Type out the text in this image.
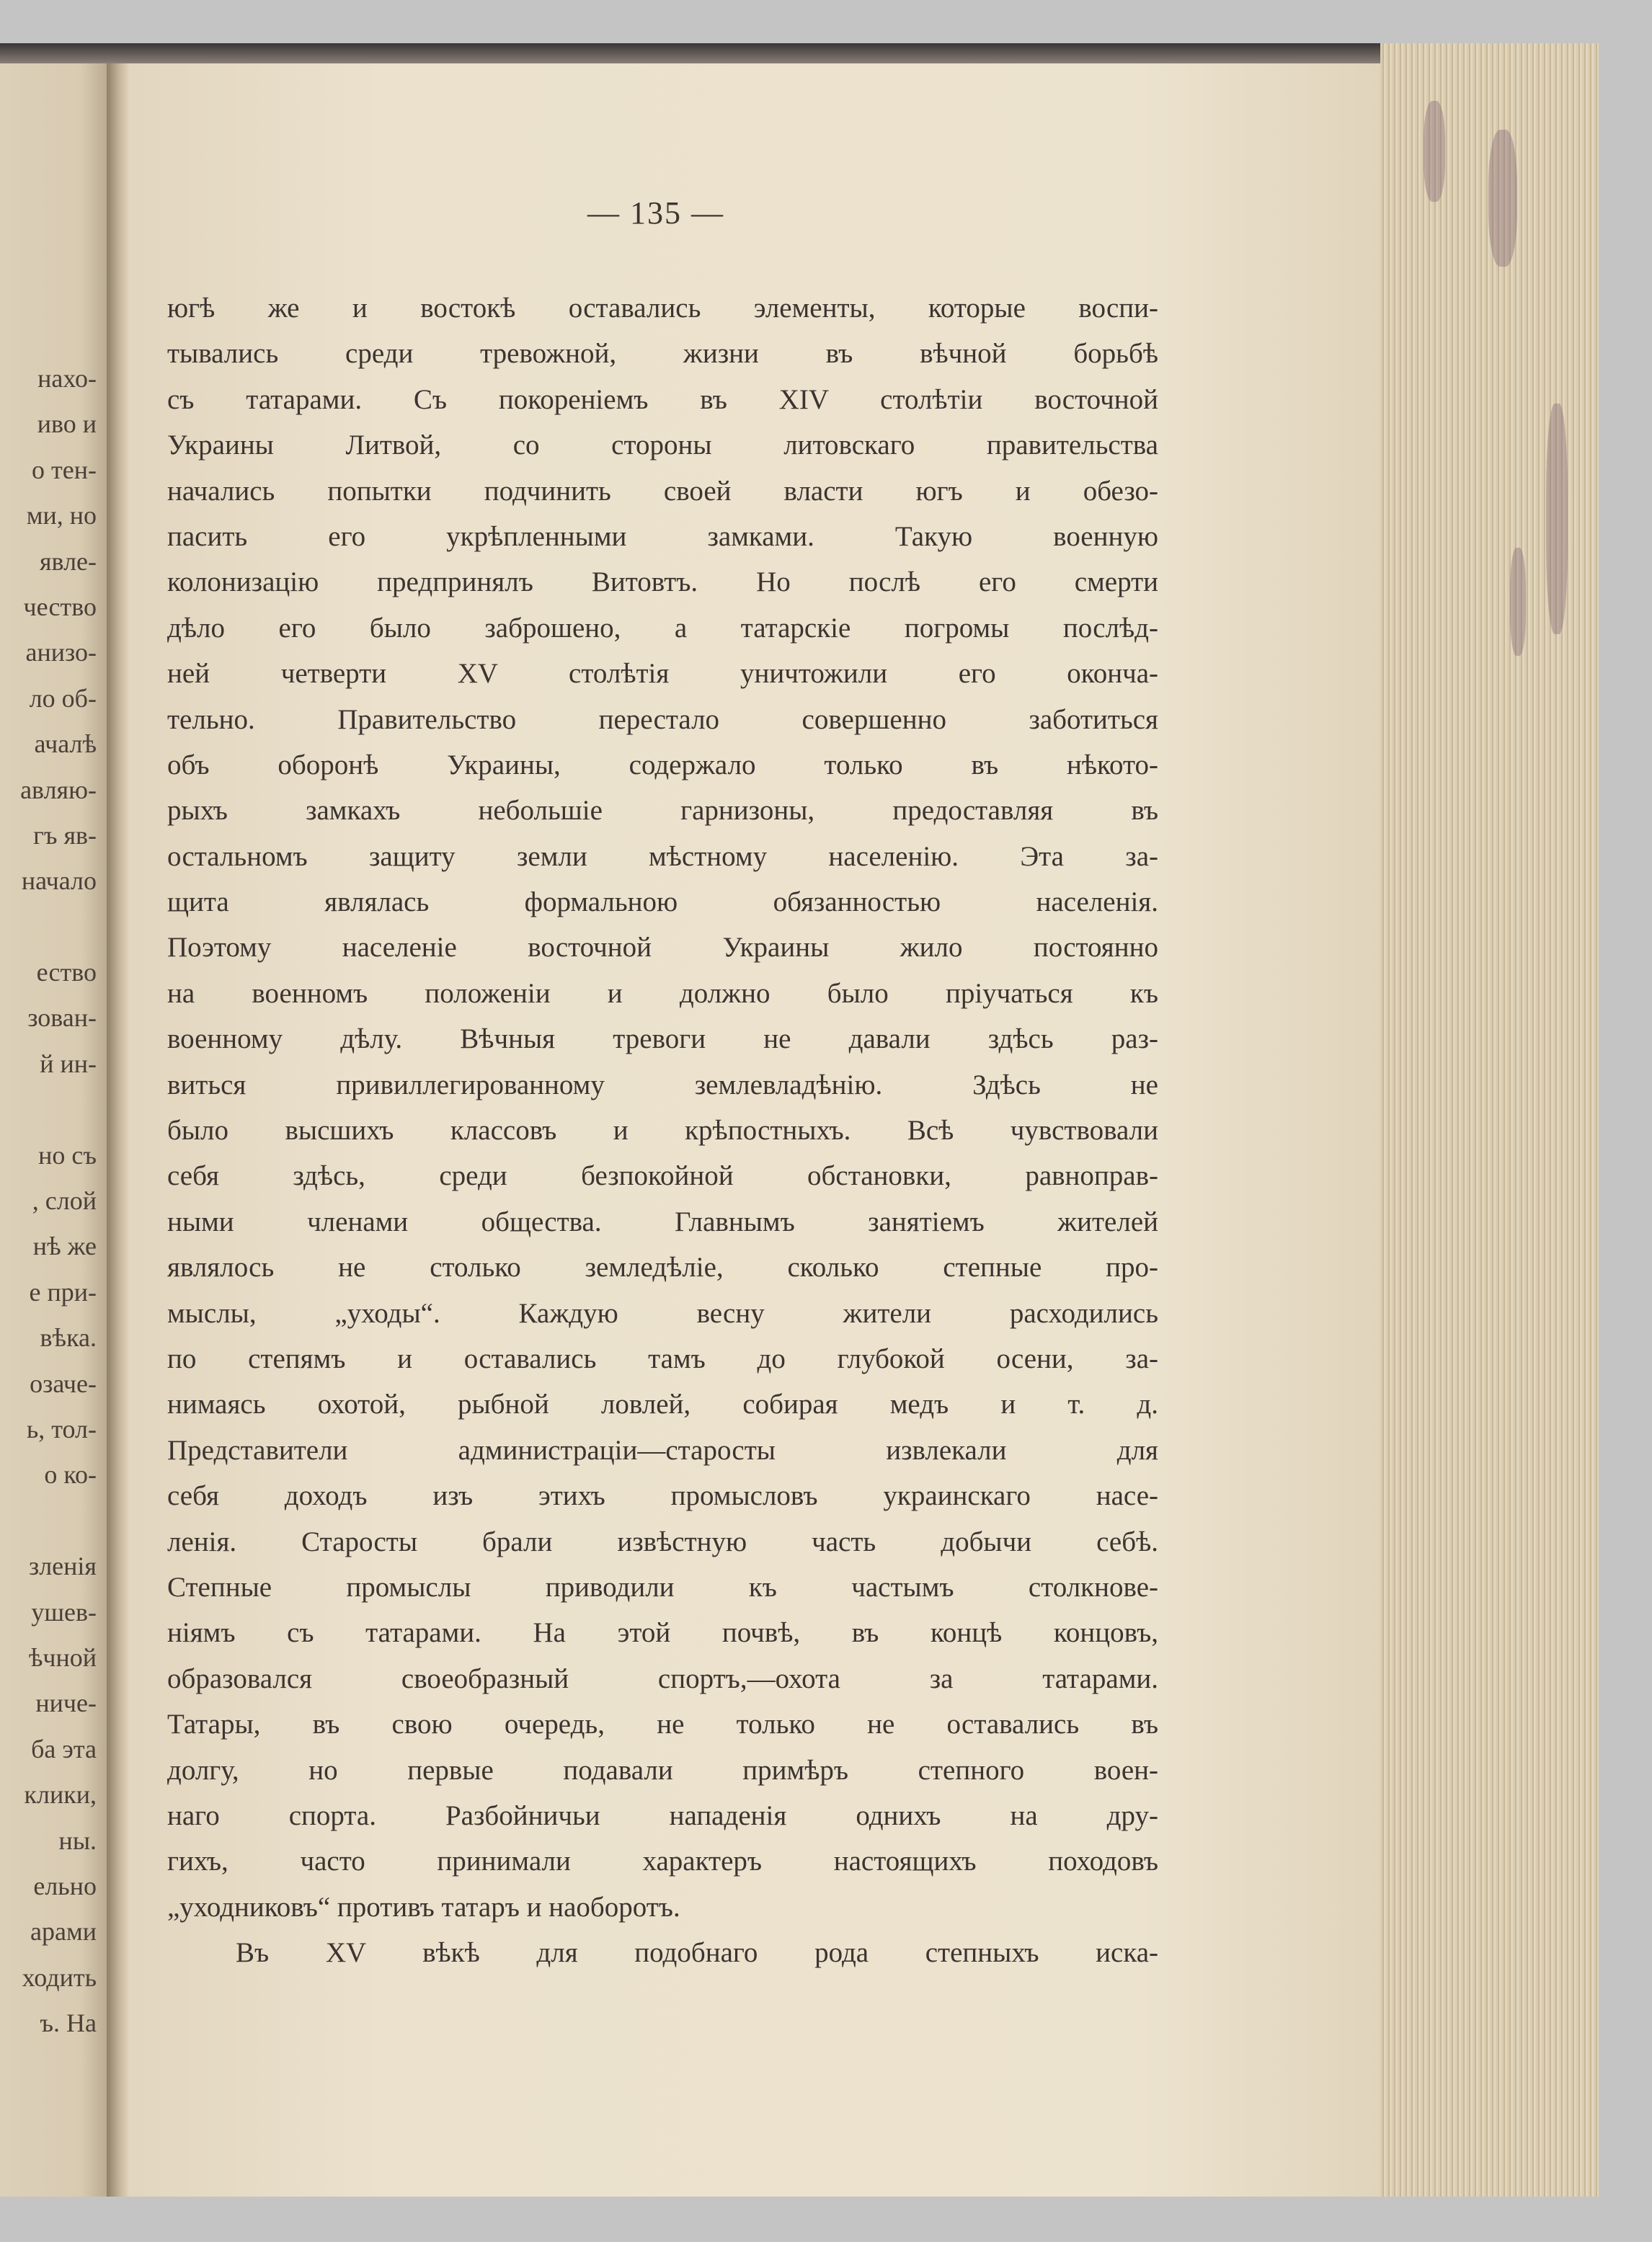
нахо-
иво и
о тен-
ми, но
явле-
чество
анизо-
ло об-
ачалѣ
авляю-
гъ яв-
начало
ество
зован-
й ин-
но съ
, слой
нѣ же
е при-
вѣка.
озаче-
ь, тол-
о ко-
зленія
ушев-
ѣчной
ниче-
ба эта
клики,
ны.
ельно
арами
ходить
ъ. На
— 135 —
югѣ же и востокѣ оставались элементы, которые воспи-
тывались среди тревожной, жизни въ вѣчной борьбѣ
съ татарами. Съ покореніемъ въ XIV столѣтіи восточной
Украины Литвой, со стороны литовскаго правительства
начались попытки подчинить своей власти югъ и обезо-
пасить его укрѣпленными замками. Такую военную
колонизацію предпринялъ Витовтъ. Но послѣ его смерти
дѣло его было заброшено, а татарскіе погромы послѣд-
ней четверти XV столѣтія уничтожили его оконча-
тельно. Правительство перестало совершенно заботиться
объ оборонѣ Украины, содержало только въ нѣкото-
рыхъ замкахъ небольшіе гарнизоны, предоставляя въ
остальномъ защиту земли мѣстному населенію. Эта за-
щита являлась формальною обязанностью населенія.
Поэтому населеніе восточной Украины жило постоянно
на военномъ положеніи и должно было пріучаться къ
военному дѣлу. Вѣчныя тревоги не давали здѣсь раз-
виться привиллегированному землевладѣнію. Здѣсь не
было высшихъ классовъ и крѣпостныхъ. Всѣ чувствовали
себя здѣсь, среди безпокойной обстановки, равноправ-
ными членами общества. Главнымъ занятіемъ жителей
являлось не столько земледѣліе, сколько степные про-
мыслы, „уходы“. Каждую весну жители расходились
по степямъ и оставались тамъ до глубокой осени, за-
нимаясь охотой, рыбной ловлей, собирая медъ и т. д.
Представители администраціи—старосты извлекали для
себя доходъ изъ этихъ промысловъ украинскаго насе-
ленія. Старосты брали извѣстную часть добычи себѣ.
Степные промыслы приводили къ частымъ столкнове-
ніямъ съ татарами. На этой почвѣ, въ концѣ концовъ,
образовался своеобразный спортъ,—охота за татарами.
Татары, въ свою очередь, не только не оставались въ
долгу, но первые подавали примѣръ степного воен-
наго спорта. Разбойничьи нападенія однихъ на дру-
гихъ, часто принимали характеръ настоящихъ походовъ
„уходниковъ“ противъ татаръ и наоборотъ.
Въ XV вѣкѣ для подобнаго рода степныхъ иска-
